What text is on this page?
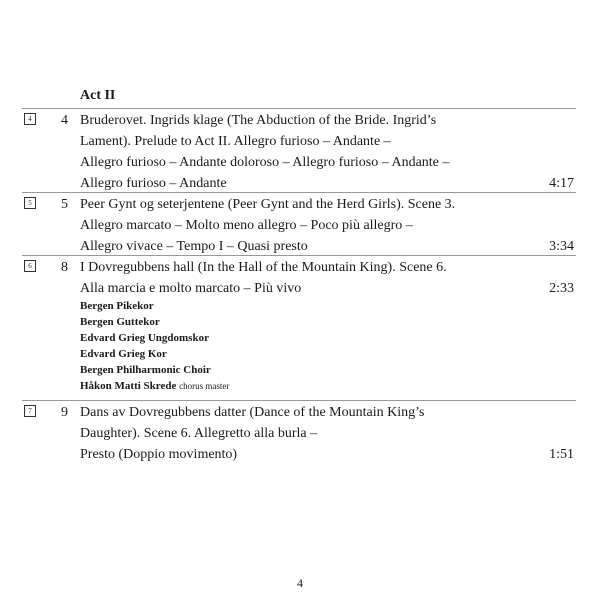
Act II
4	4 Bruderovet. Ingrids klage (The Abduction of the Bride. Ingrid’s
Lament). Prelude to Act II. Allegro furioso – Andante –
Allegro furioso – Andante doloroso – Allegro furioso – Andante –
Allegro furioso – Andante	4:17
5	5 Peer Gynt og seterjentene (Peer Gynt and the Herd Girls). Scene 3.
Allegro marcato – Molto meno allegro – Poco più allegro –
Allegro vivace – Tempo I – Quasi presto	3:34
6	8 I Dovregubbens hall (In the Hall of the Mountain King). Scene 6.
Alla marcia e molto marcato – Più vivo	2:33
Bergen Pikekor
Bergen Guttekor
Edvard Grieg Ungdomskor
Edvard Grieg Kor
Bergen Philharmonic Choir
Håkon Matti Skrede chorus master
7	9 Dans av Dovregubbens datter (Dance of the Mountain King’s
Daughter). Scene 6. Allegretto alla burla –
Presto (Doppio movimento)	1:51
4
